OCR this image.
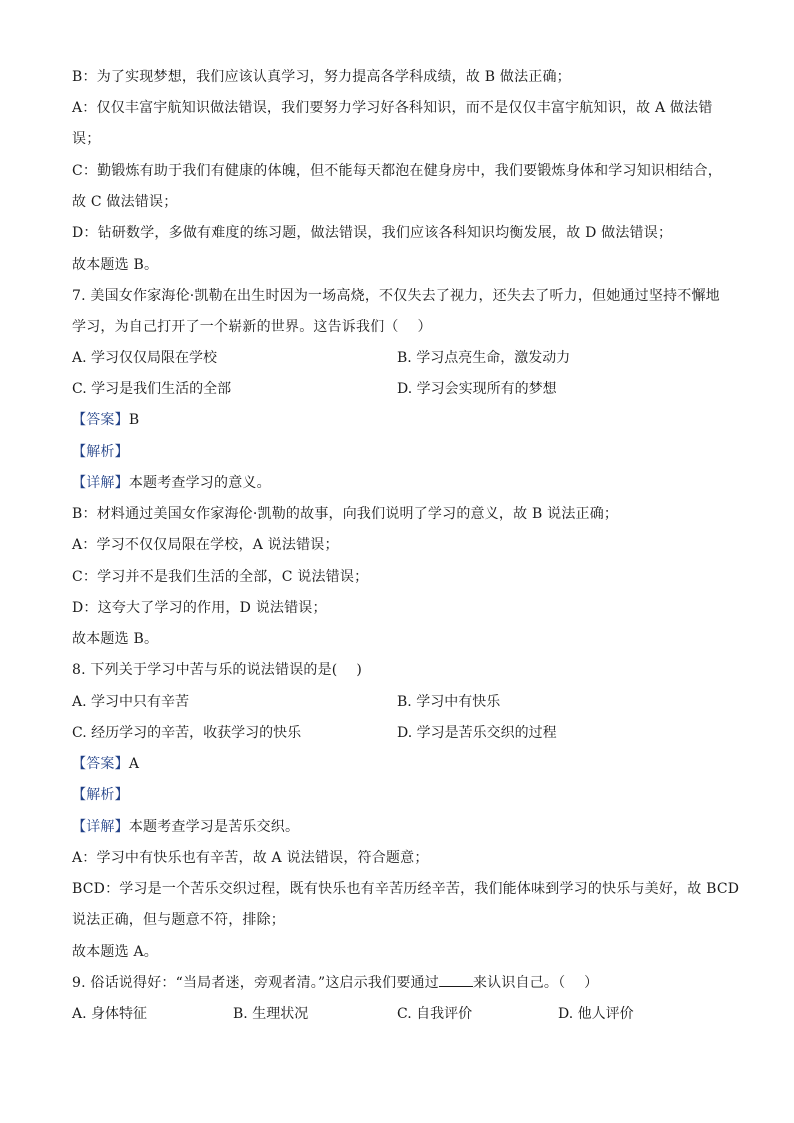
B：为了实现梦想，我们应该认真学习，努力提高各学科成绩，故 B 做法正确；
A：仅仅丰富宇航知识做法错误，我们要努力学习好各科知识，而不是仅仅丰富宇航知识，故 A 做法错
误；
C：勤锻炼有助于我们有健康的体魄，但不能每天都泡在健身房中，我们要锻炼身体和学习知识相结合，
故 C 做法错误；
D：钻研数学，多做有难度的练习题，做法错误，我们应该各科知识均衡发展，故 D 做法错误；
故本题选 B。
7. 美国女作家海伦·凯勒在出生时因为一场高烧，不仅失去了视力，还失去了听力，但她通过坚持不懈地
学习，为自己打开了一个崭新的世界。这告诉我们（　 ）
A. 学习仅仅局限在学校	B. 学习点亮生命，激发动力
C. 学习是我们生活的全部	D. 学习会实现所有的梦想
【答案】B
【解析】
【详解】本题考查学习的意义。
B：材料通过美国女作家海伦·凯勒的故事，向我们说明了学习的意义，故 B 说法正确；
A：学习不仅仅局限在学校，A 说法错误；
C：学习并不是我们生活的全部，C 说法错误；
D：这夸大了学习的作用，D 说法错误；
故本题选 B。
8. 下列关于学习中苦与乐的说法错误的是(　 )
A. 学习中只有辛苦	B. 学习中有快乐
C. 经历学习的辛苦，收获学习的快乐	D. 学习是苦乐交织的过程
【答案】A
【解析】
【详解】本题考查学习是苦乐交织。
A：学习中有快乐也有辛苦，故 A 说法错误，符合题意；
BCD：学习是一个苦乐交织过程，既有快乐也有辛苦历经辛苦，我们能体味到学习的快乐与美好，故 BCD
说法正确，但与题意不符，排除；
故本题选 A。
9. 俗话说得好：“当局者迷，旁观者清。”这启示我们要通过 来认识自己。（　 ）
A. 身体特征	B. 生理状况	C. 自我评价	D. 他人评价
